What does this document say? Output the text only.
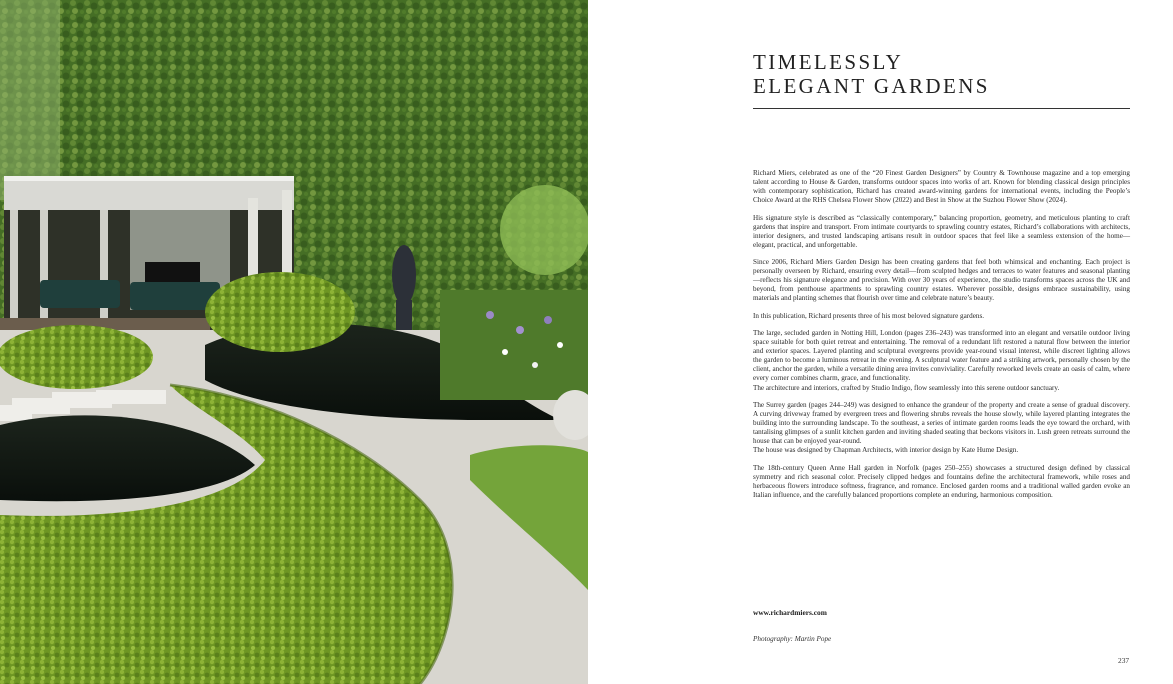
TIMELESSLY
ELEGANT GARDENS

Richard Miers, celebrated as one of the “20 Finest Garden Designers” by Country & Townhouse magazine and a top emerging talent according to House & Garden, transforms outdoor spaces into works of art. Known for blending classical design principles with contemporary sophistication, Richard has created award-winning gardens for international events, including the People’s Choice Award at the RHS Chelsea Flower Show (2022) and Best in Show at the Suzhou Flower Show (2024).

His signature style is described as “classically contemporary,” balancing proportion, geometry, and meticulous planting to craft gardens that inspire and transport. From intimate courtyards to sprawling country estates, Richard’s collaborations with architects, interior designers, and trusted landscaping artisans result in outdoor spaces that feel like a seamless extension of the home—elegant, practical, and unforgettable.

Since 2006, Richard Miers Garden Design has been creating gardens that feel both whimsical and enchanting. Each project is personally overseen by Richard, ensuring every detail—from sculpted hedges and terraces to water features and seasonal planting—reflects his signature elegance and precision. With over 30 years of experience, the studio transforms spaces across the UK and beyond, from penthouse apartments to sprawling country estates. Wherever possible, designs embrace sustainability, using materials and planting schemes that flourish over time and celebrate nature’s beauty.

In this publication, Richard presents three of his most beloved signature gardens.

The large, secluded garden in Notting Hill, London (pages 236–243) was transformed into an elegant and versatile outdoor living space suitable for both quiet retreat and entertaining. The removal of a redundant lift restored a natural flow between the interior and exterior spaces. Layered planting and sculptural evergreens provide year-round visual interest, while discreet lighting allows the garden to become a luminous retreat in the evening. A sculptural water feature and a striking artwork, personally chosen by the client, anchor the garden, while a versatile dining area invites conviviality. Carefully reworked levels create an oasis of calm, where every corner combines charm, grace, and functionality.

The architecture and interiors, crafted by Studio Indigo, flow seamlessly into this serene outdoor sanctuary.

The Surrey garden (pages 244–249) was designed to enhance the grandeur of the property and create a sense of gradual discovery. A curving driveway framed by evergreen trees and flowering shrubs reveals the house slowly, while layered planting integrates the building into the surrounding landscape. To the southeast, a series of intimate garden rooms leads the eye toward the orchard, with tantalising glimpses of a sunlit kitchen garden and inviting shaded seating that beckons visitors in. Lush green retreats surround the house that can be enjoyed year-round.

The house was designed by Chapman Architects, with interior design by Kate Hume Design.

The 18th-century Queen Anne Hall garden in Norfolk (pages 250–255) showcases a structured design defined by classical symmetry and rich seasonal color. Precisely clipped hedges and fountains define the architectural framework, while roses and herbaceous flowers introduce softness, fragrance, and romance. Enclosed garden rooms and a traditional walled garden evoke an Italian influence, and the carefully balanced proportions complete an enduring, harmonious composition.

www.richardmiers.com
Photography: Martin Pope
237
